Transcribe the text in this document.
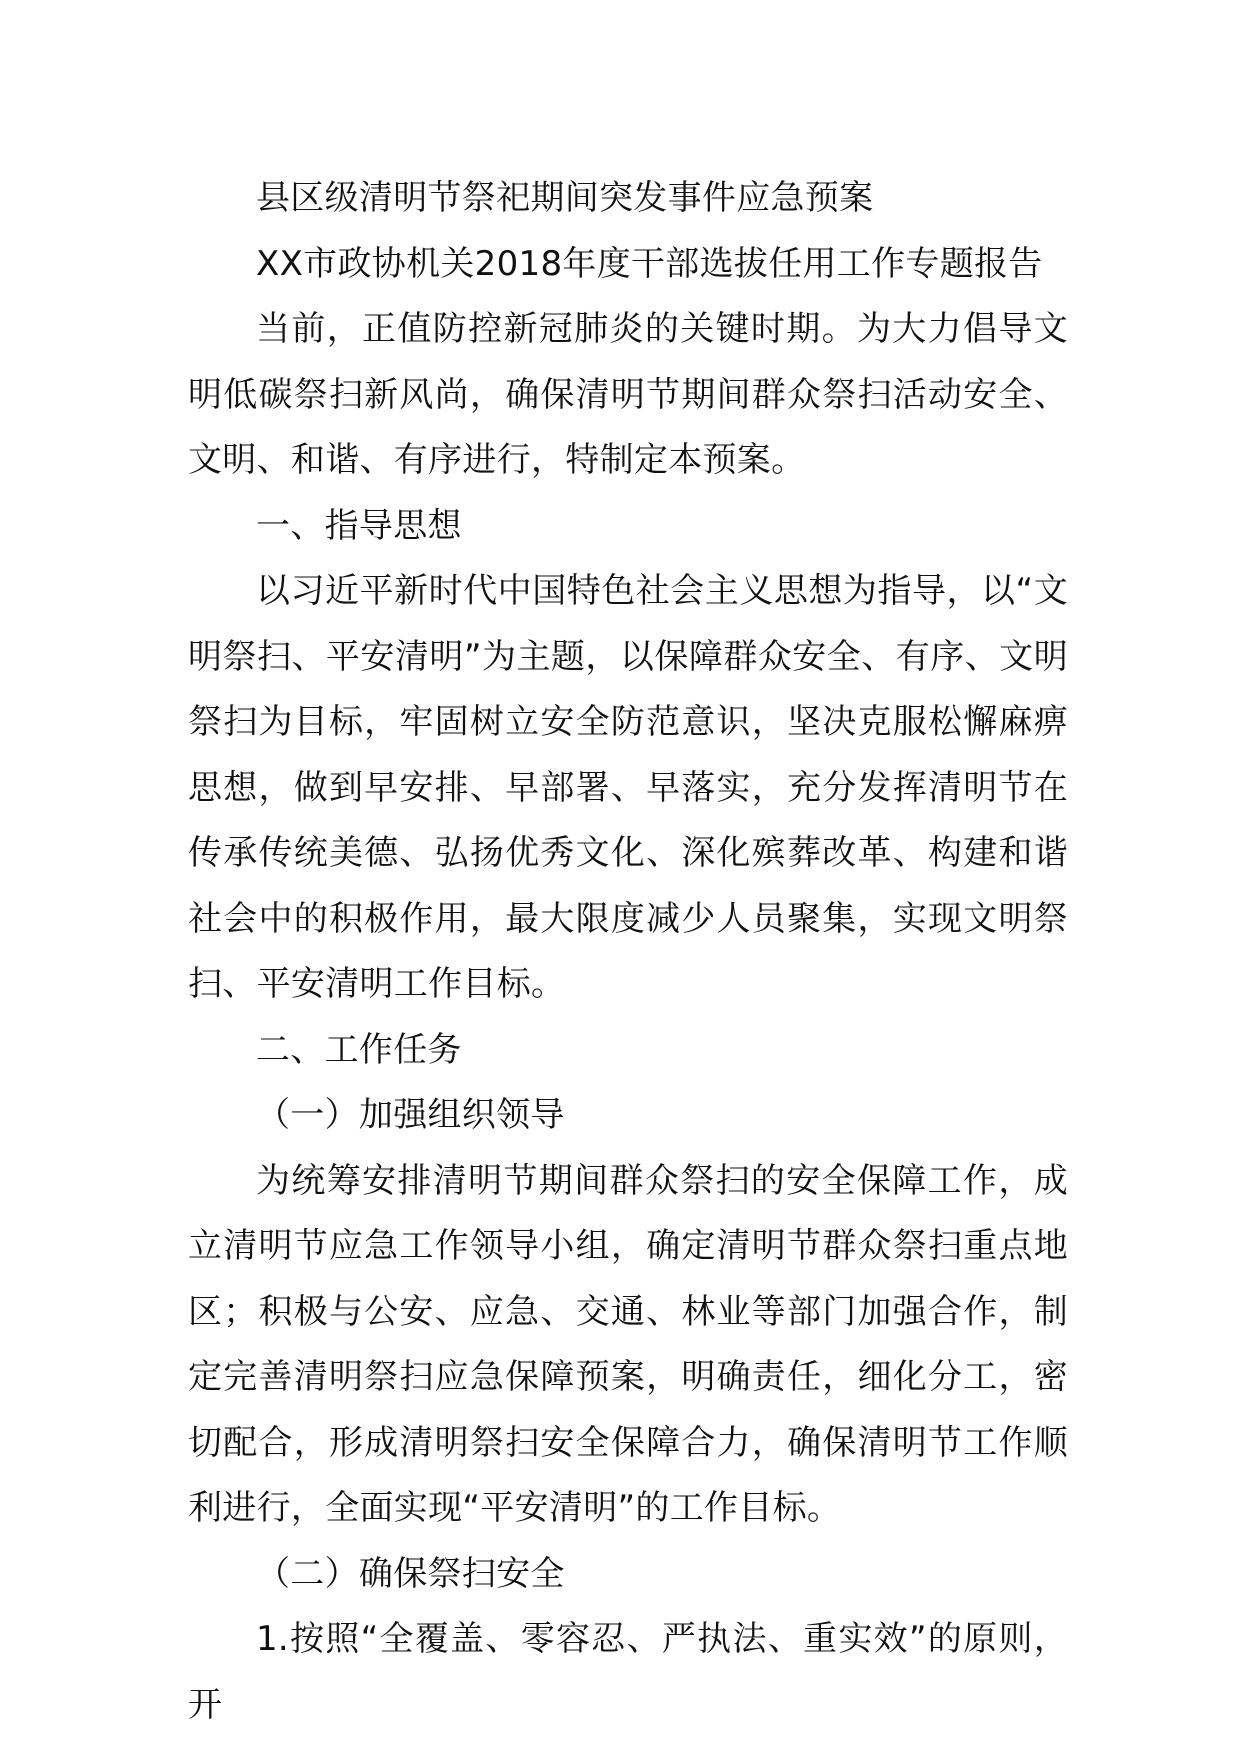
县区级清明节祭祀期间突发事件应急预案

XX市政协机关2018年度干部选拔任用工作专题报告

当前，正值防控新冠肺炎的关键时期。为大力倡导文明低碳祭扫新风尚，确保清明节期间群众祭扫活动安全、文明、和谐、有序进行，特制定本预案。

一、指导思想

以习近平新时代中国特色社会主义思想为指导，以“文明祭扫、平安清明”为主题，以保障群众安全、有序、文明祭扫为目标，牢固树立安全防范意识，坚决克服松懈麻痹思想，做到早安排、早部署、早落实，充分发挥清明节在传承传统美德、弘扬优秀文化、深化殡葬改革、构建和谐社会中的积极作用，最大限度减少人员聚集，实现文明祭扫、平安清明工作目标。

二、工作任务

（一）加强组织领导

为统筹安排清明节期间群众祭扫的安全保障工作，成立清明节应急工作领导小组，确定清明节群众祭扫重点地区；积极与公安、应急、交通、林业等部门加强合作，制定完善清明祭扫应急保障预案，明确责任，细化分工，密切配合，形成清明祭扫安全保障合力，确保清明节工作顺利进行，全面实现“平安清明”的工作目标。

（二）确保祭扫安全

1.按照“全覆盖、零容忍、严执法、重实效”的原则，开
